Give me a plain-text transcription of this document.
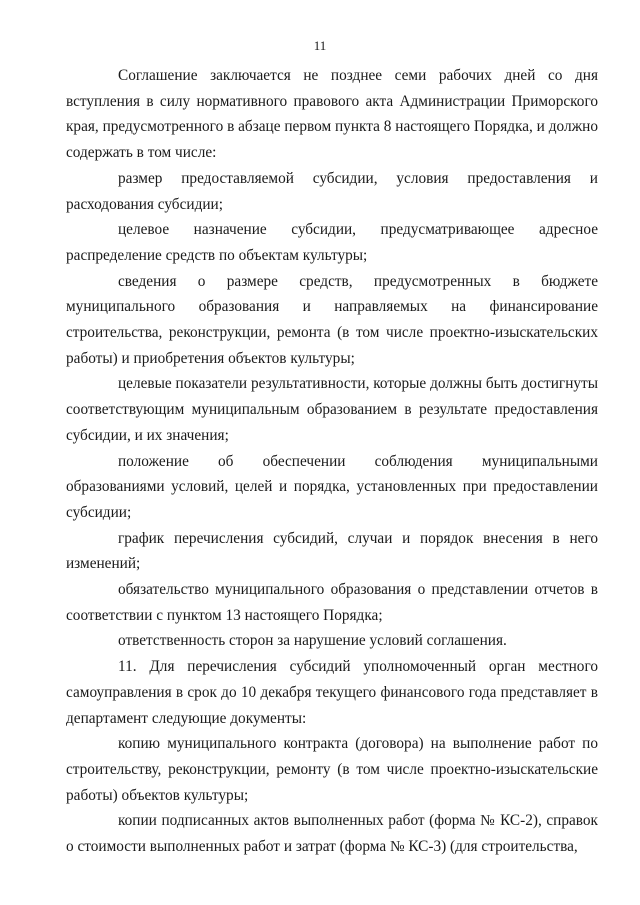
11

Соглашение заключается не позднее семи рабочих дней со дня вступления в силу нормативного правового акта Администрации Приморского края, предусмотренного в абзаце первом пункта 8 настоящего Порядка, и должно содержать в том числе:

размер предоставляемой субсидии, условия предоставления и расходования субсидии;

целевое назначение субсидии, предусматривающее адресное распределение средств по объектам культуры;

сведения о размере средств, предусмотренных в бюджете муниципального образования и направляемых на финансирование строительства, реконструкции, ремонта (в том числе проектно-изыскательских работы) и приобретения объектов культуры;

целевые показатели результативности, которые должны быть достигнуты соответствующим муниципальным образованием в результате предоставления субсидии, и их значения;

положение об обеспечении соблюдения муниципальными образованиями условий, целей и порядка, установленных при предоставлении субсидии;

график перечисления субсидий, случаи и порядок внесения в него изменений;

обязательство муниципального образования о представлении отчетов в соответствии с пунктом 13 настоящего Порядка;

ответственность сторон за нарушение условий соглашения.

11. Для перечисления субсидий уполномоченный орган местного самоуправления в срок до 10 декабря текущего финансового года представляет в департамент следующие документы:

копию муниципального контракта (договора) на выполнение работ по строительству, реконструкции, ремонту (в том числе проектно-изыскательские работы) объектов культуры;

копии подписанных актов выполненных работ (форма № КС-2), справок о стоимости выполненных работ и затрат (форма № КС-3) (для строительства,
